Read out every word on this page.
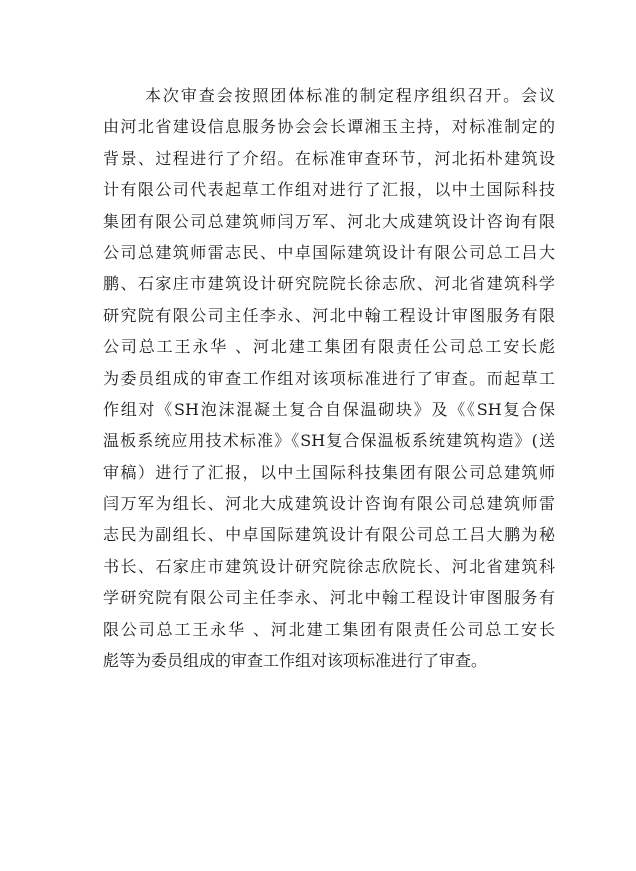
本次审查会按照团体标准的制定程序组织召开。会议
由河北省建设信息服务协会会长谭湘玉主持，对标准制定的
背景、过程进行了介绍。在标准审查环节，河北拓朴建筑设
计有限公司代表起草工作组对进行了汇报，以中土国际科技
集团有限公司总建筑师闫万军、河北大成建筑设计咨询有限
公司总建筑师雷志民、中卓国际建筑设计有限公司总工吕大
鹏、石家庄市建筑设计研究院院长徐志欣、河北省建筑科学
研究院有限公司主任李永、河北中翰工程设计审图服务有限
公司总工王永华 、河北建工集团有限责任公司总工安长彪
为委员组成的审查工作组对该项标准进行了审查。而起草工
作组对《SH泡沫混凝土复合自保温砌块》及《《SH复合保
温板系统应用技术标准》《SH复合保温板系统建筑构造》(送
审稿）进行了汇报，以中土国际科技集团有限公司总建筑师
闫万军为组长、河北大成建筑设计咨询有限公司总建筑师雷
志民为副组长、中卓国际建筑设计有限公司总工吕大鹏为秘
书长、石家庄市建筑设计研究院徐志欣院长、河北省建筑科
学研究院有限公司主任李永、河北中翰工程设计审图服务有
限公司总工王永华 、河北建工集团有限责任公司总工安长
彪等为委员组成的审查工作组对该项标准进行了审查。
